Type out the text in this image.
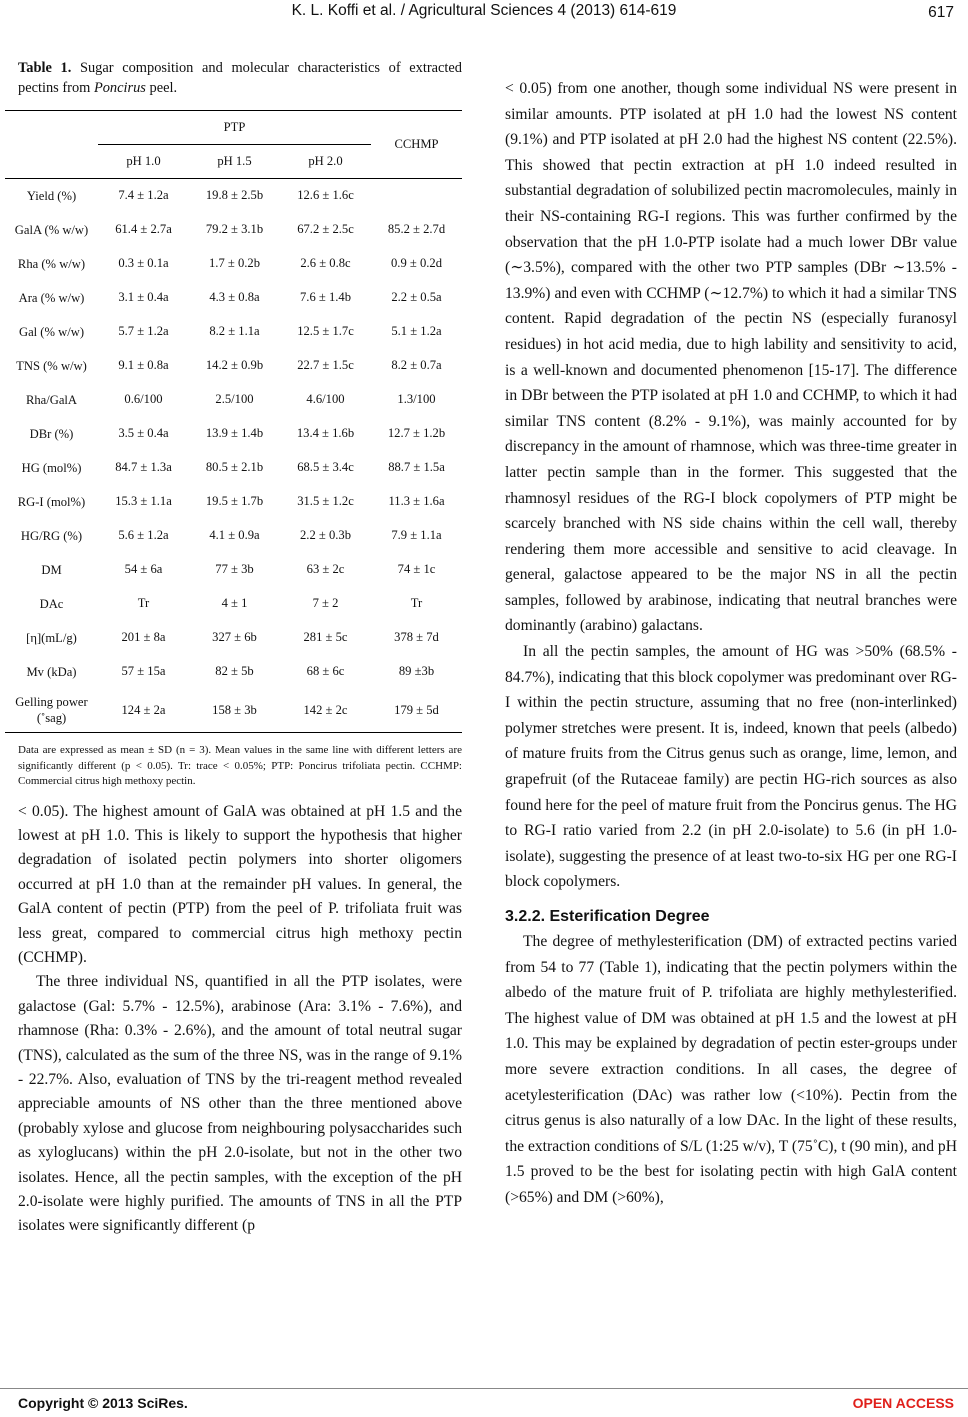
K. L. Koffi et al. / Agricultural Sciences 4 (2013) 614-619	617
Table 1. Sugar composition and molecular characteristics of extracted pectins from Poncirus peel.
	PTP			CCHMP
	pH 1.0	pH 1.5	pH 2.0	
Yield (%)	7.4 ± 1.2a	19.8 ± 2.5b	12.6 ± 1.6c	
GalA (% w/w)	61.4 ± 2.7a	79.2 ± 3.1b	67.2 ± 2.5c	85.2 ± 2.7d
Rha (% w/w)	0.3 ± 0.1a	1.7 ± 0.2b	2.6 ± 0.8c	0.9 ± 0.2d
Ara (% w/w)	3.1 ± 0.4a	4.3 ± 0.8a	7.6 ± 1.4b	2.2 ± 0.5a
Gal (% w/w)	5.7 ± 1.2a	8.2 ± 1.1a	12.5 ± 1.7c	5.1 ± 1.2a
TNS (% w/w)	9.1 ± 0.8a	14.2 ± 0.9b	22.7 ± 1.5c	8.2 ± 0.7a
Rha/GalA	0.6/100	2.5/100	4.6/100	1.3/100
DBr (%)	3.5 ± 0.4a	13.9 ± 1.4b	13.4 ± 1.6b	12.7 ± 1.2b
HG (mol%)	84.7 ± 1.3a	80.5 ± 2.1b	68.5 ± 3.4c	88.7 ± 1.5a
RG-I (mol%)	15.3 ± 1.1a	19.5 ± 1.7b	31.5 ± 1.2c	11.3 ± 1.6a
HG/RG (%)	5.6 ± 1.2a	4.1 ± 0.9a	2.2 ± 0.3b	7.9 ± 1.1a
DM	54 ± 6a	77 ± 3b	63 ± 2c	74 ± 1c
DAc	Tr	4 ± 1	7 ± 2	Tr
[η](mL/g)	201 ± 8a	327 ± 6b	281 ± 5c	378 ± 7d
Mv (kDa)	57 ± 15a	82 ± 5b	68 ± 6c	89 ±3b
Gelling power (˚sag)	124 ± 2a	158 ± 3b	142 ± 2c	179 ± 5d
Data are expressed as mean ± SD (n = 3). Mean values in the same line with different letters are significantly different (p < 0.05). Tr: trace < 0.05%; PTP: Poncirus trifoliata pectin. CCHMP: Commercial citrus high methoxy pectin.

< 0.05). The highest amount of GalA was obtained at pH 1.5 and the lowest at pH 1.0. This is likely to support the hypothesis that higher degradation of isolated pectin polymers into shorter oligomers occurred at pH 1.0 than at the remainder pH values. In general, the GalA content of pectin (PTP) from the peel of P. trifoliata fruit was less great, compared to commercial citrus high methoxy pectin (CCHMP).

The three individual NS, quantified in all the PTP isolates, were galactose (Gal: 5.7% - 12.5%), arabinose (Ara: 3.1% - 7.6%), and rhamnose (Rha: 0.3% - 2.6%), and the amount of total neutral sugar (TNS), calculated as the sum of the three NS, was in the range of 9.1% - 22.7%. Also, evaluation of TNS by the tri-reagent method revealed appreciable amounts of NS other than the three mentioned above (probably xylose and glucose from neighbouring polysaccharides such as xyloglucans) within the pH 2.0-isolate, but not in the other two isolates. Hence, all the pectin samples, with the exception of the pH 2.0-isolate were highly purified. The amounts of TNS in all the PTP isolates were significantly different (p

< 0.05) from one another, though some individual NS were present in similar amounts. PTP isolated at pH 1.0 had the lowest NS content (9.1%) and PTP isolated at pH 2.0 had the highest NS content (22.5%). This showed that pectin extraction at pH 1.0 indeed resulted in substantial degradation of solubilized pectin macromolecules, mainly in their NS-containing RG-I regions. This was further confirmed by the observation that the pH 1.0-PTP isolate had a much lower DBr value (∼3.5%), compared with the other two PTP samples (DBr ∼13.5% - 13.9%) and even with CCHMP (∼12.7%) to which it had a similar TNS content. Rapid degradation of the pectin NS (especially furanosyl residues) in hot acid media, due to high lability and sensitivity to acid, is a well-known and documented phenomenon [15-17]. The difference in DBr between the PTP isolated at pH 1.0 and CCHMP, to which it had similar TNS content (8.2% - 9.1%), was mainly accounted for by discrepancy in the amount of rhamnose, which was three-time greater in latter pectin sample than in the former. This suggested that the rhamnosyl residues of the RG-I block copolymers of PTP might be scarcely branched with NS side chains within the cell wall, thereby rendering them more accessible and sensitive to acid cleavage. In general, galactose appeared to be the major NS in all the pectin samples, followed by arabinose, indicating that neutral branches were dominantly (arabino) galactans.

In all the pectin samples, the amount of HG was >50% (68.5% - 84.7%), indicating that this block copolymer was predominant over RG-I within the pectin structure, assuming that no free (non-interlinked) polymer stretches were present. It is, indeed, known that peels (albedo) of mature fruits from the Citrus genus such as orange, lime, lemon, and grapefruit (of the Rutaceae family) are pectin HG-rich sources as also found here for the peel of mature fruit from the Poncirus genus. The HG to RG-I ratio varied from 2.2 (in pH 2.0-isolate) to 5.6 (in pH 1.0-isolate), suggesting the presence of at least two-to-six HG per one RG-I block copolymers.

3.2.2. Esterification Degree

The degree of methylesterification (DM) of extracted pectins varied from 54 to 77 (Table 1), indicating that the pectin polymers within the albedo of the mature fruit of P. trifoliata are highly methylesterified. The highest value of DM was obtained at pH 1.5 and the lowest at pH 1.0. This may be explained by degradation of pectin ester-groups under more severe extraction conditions. In all cases, the degree of acetylesterification (DAc) was rather low (<10%). Pectin from the citrus genus is also naturally of a low DAc. In the light of these results, the extraction conditions of S/L (1:25 w/v), T (75˚C), t (90 min), and pH 1.5 proved to be the best for isolating pectin with high GalA content (>65%) and DM (>60%),

Copyright © 2013 SciRes.	OPEN ACCESS
